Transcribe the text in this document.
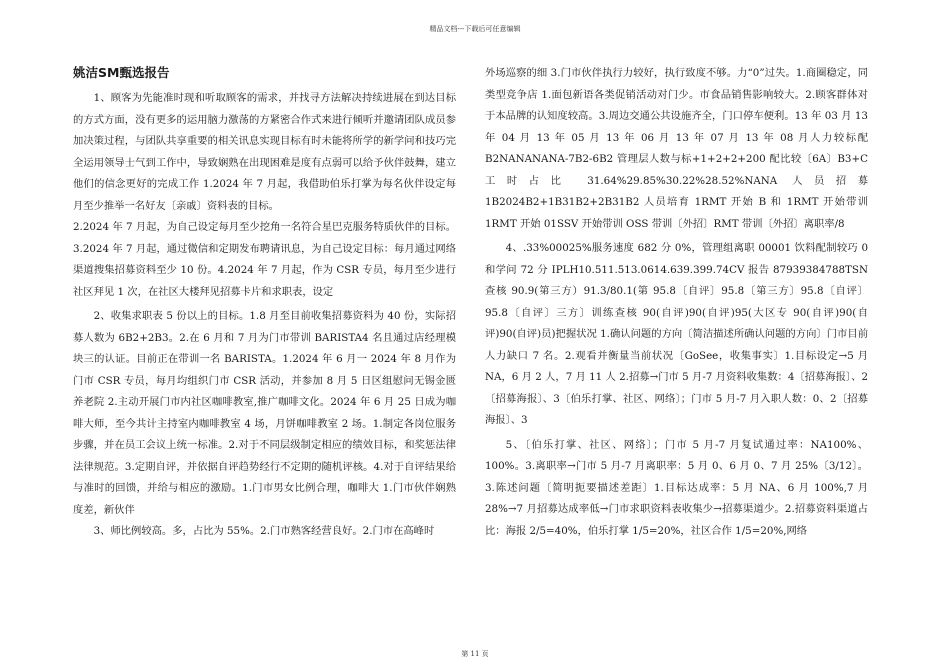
精品文档---下载后可任意编辑
姚洁SM甄选报告

1、顾客为先能准时现和听取顾客的需求，并找寻方法解决持续进展在到达目标的方式方面，没有更多的运用脑力激荡的方紧密合作式来进行倾听并邀请团队成员参加决策过程，与团队共享重要的相关讯息实现目标有时未能将所学的新学问和技巧完全运用领导士气到工作中，导致娴熟在出现困难是度有点弱可以给予伙伴鼓舞，建立他们的信念更好的完成工作 1.2024 年 7 月起，我借助伯乐打掌为每名伙伴设定每月至少推举一名好友〔亲戚〕资料表的目标。

2.2024 年 7 月起，为自己设定每月至少挖角一名符合星巴克服务特质伙伴的目标。3.2024 年 7 月起，通过微信和定期发布聘请讯息，为自己设定目标：每月通过网络渠道搜集招募资料至少 10 份。4.2024 年 7 月起，作为 CSR 专员，每月至少进行社区拜见 1 次，在社区大楼拜见招募卡片和求职表，设定

2、收集求职表 5 份以上的目标。1.8 月至目前收集招募资料为 40 份，实际招募人数为 6B2+2B3。2.在 6 月和 7 月为门市带训 BARISTA4 名且通过店经理模块三的认证。目前正在带训一名 BARISTA。1.2024 年 6 月一 2024 年 8 月作为门市 CSR 专员，每月均组织门市 CSR 活动，并参加 8 月 5 日区组慰问无锡金匮养老院 2.主动开展门市内社区咖啡教室,推广咖啡文化。2024 年 6 月 25 日成为咖啡大师，至今共计主持室内咖啡教室 4 场，月饼咖啡教室 2 场。1.制定各岗位服务步骤，并在员工会议上统一标准。2.对于不同层级制定相应的绩效目标，和奖惩法律法律规范。3.定期自评，并依据自评趋势经行不定期的随机评核。4.对于自评结果给与准时的回馈，并给与相应的激励。1.门市男女比例合理，咖啡大 1.门市伙伴娴熟度差，新伙伴

3、师比例较高。多，占比为 55%。2.门市熟客经营良好。2.门市在高峰时

外场巡察的细 3.门市伙伴执行力较好，执行致度不够。力“0”过失。1.商圈稳定，同类型竞争店 1.面包新语各类促销活动对门少。市食品销售影响较大。2.顾客群体对于本品牌的认知度较高。3.周边交通公共设施齐全，门口停车便利。13 年 03 月 13 年 04 月 13 年 05 月 13 年 06 月 13 年 07 月 13 年 08 月人力较标配 B2NANANANA-7B2-6B2 管理层人数与标+1+2+2+200 配比较〔6A〕B3+C 工时占比 31.64%29.85%30.22%28.52%NANA 人员招募 1B2024B2+1B31B2+2B31B2 人员培育 1RMT 开始 B 和 1RMT 开始带训 1RMT 开始 01SSV 开始带训 OSS 带训〔外招〕RMT 带训〔外招〕离职率/8

4、.33%00025%服务速度 682 分 0%，管理组离职 00001 饮料配制较巧 0 和学问 72 分 IPLH10.511.513.0614.639.399.74CV 报告 87939384788TSN 查核 90.9(第三方）91.3/80.1(第 95.8〔自评〕95.8〔第三方〕95.8〔自评〕95.8〔自评〕三方〕训练查核 90(自评)90(自评)95(大区专 90(自评)90(自评)90(自评)员)把握状况 1.确认问题的方向〔简洁描述所确认问题的方向〕门市目前人力缺口 7 名。2.观看并衡量当前状况〔GoSee，收集事实〕1.目标设定→5 月 NA，6 月 2 人，7 月 11 人 2.招募→门市 5 月-7 月资料收集数：4〔招募海报〕、2〔招募海报〕、3〔伯乐打掌、社区、网络〕；门市 5 月-7 月入职人数：0、2〔招募海报〕、3

5、〔伯乐打掌、社区、网络〕；门市 5 月-7 月复试通过率：NA100%、100%。3.离职率→门市 5 月-7 月离职率：5 月 0、6 月 0、7 月 25%〔3/12〕。3.陈述问题〔简明扼要描述差距〕1.目标达成率：5 月 NA、6 月 100%,7 月 28%→7 月招募达成率低→门市求职资料表收集少→招募渠道少。2.招募资料渠道占比：海报 2/5=40%，伯乐打掌 1/5=20%，社区合作 1/5=20%,网络

第 11 页
